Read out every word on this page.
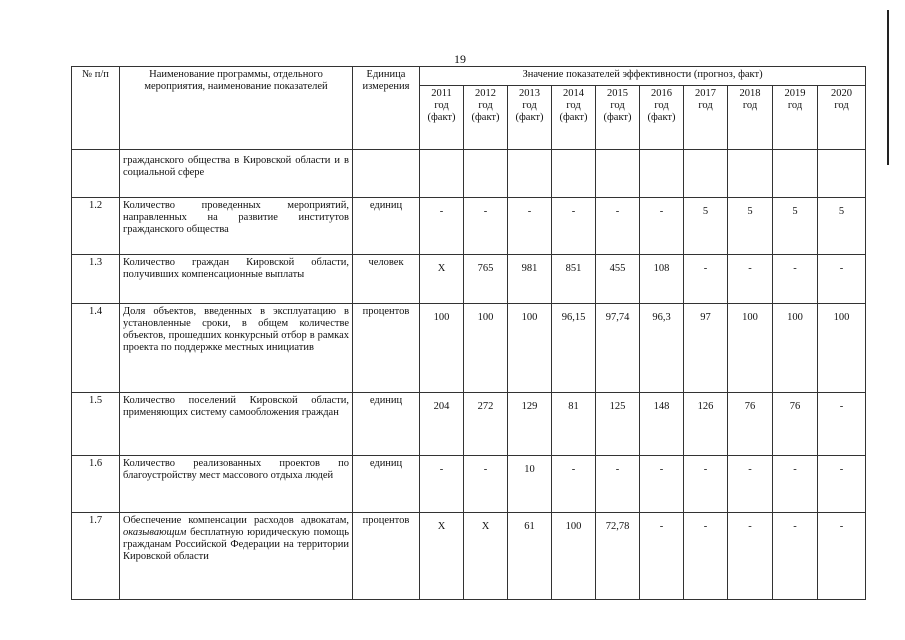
19
№ п/п	Наименование программы, отдельного мероприятия, наименование показателей	Единица измерения	Значение показателей эффективности (прогноз, факт)									
			2011
год
(факт)	2012
год
(факт)	2013
год
(факт)	2014
год
(факт)	2015
год
(факт)	2016
год
(факт)	2017
год	2018
год	2019
год	2020
год
	гражданского общества в Кировской области и в социальной сфере											
1.2	Количество проведенных мероприятий, направленных на развитие институтов гражданского общества	единиц	-	-	-	-	-	-	5	5	5	5
1.3	Количество граждан Кировской области, получивших компенсационные выплаты	человек	Х	765	981	851	455	108	-	-	-	-
1.4	Доля объектов, введенных в эксплуатацию в установленные сроки, в общем количестве объектов, прошедших конкурсный отбор в рамках проекта по поддержке местных инициатив	процентов	100	100	100	96,15	97,74	96,3	97	100	100	100
1.5	Количество поселений Кировской области, применяющих систему самообложения граждан	единиц	204	272	129	81	125	148	126	76	76	-
1.6	Количество реализованных проектов по благоустройству мест массового отдыха людей	единиц	-	-	10	-	-	-	-	-	-	-
1.7	Обеспечение компенсации расходов адвокатам, оказывающим бесплатную юридическую помощь гражданам Российской Федерации на территории Кировской области	процентов	Х	Х	61	100	72,78	-	-	-	-	-
